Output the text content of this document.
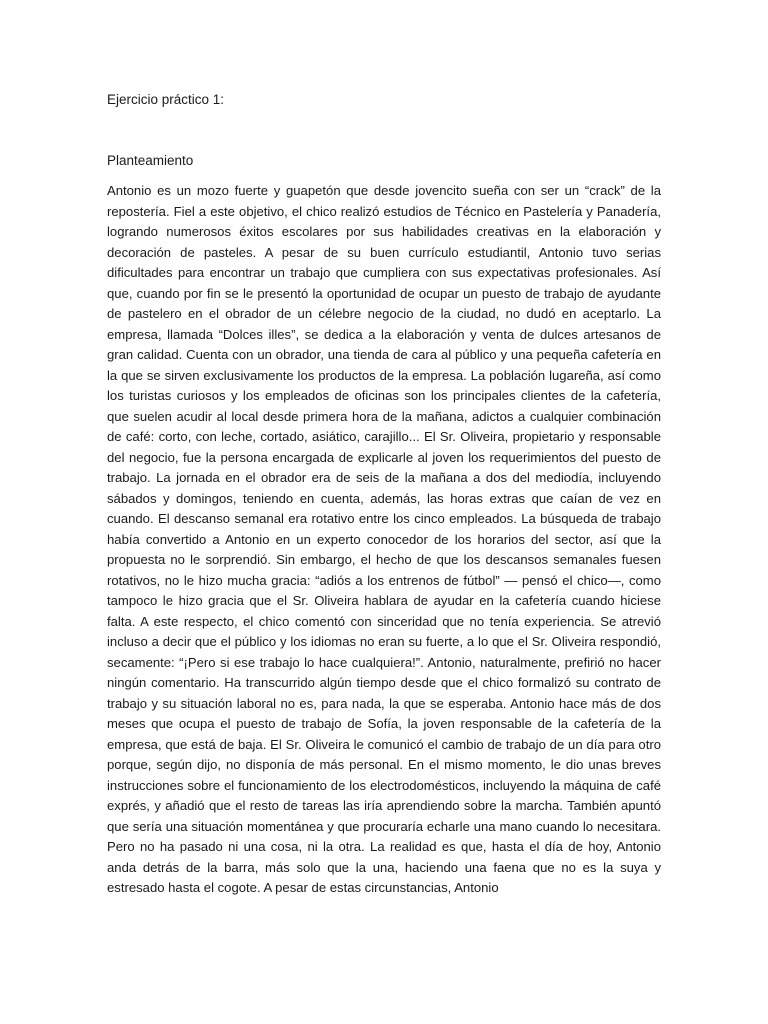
Ejercicio práctico 1:
Planteamiento

Antonio es un mozo fuerte y guapetón que desde jovencito sueña con ser un “crack” de la repostería. Fiel a este objetivo, el chico realizó estudios de Técnico en Pastelería y Panadería, logrando numerosos éxitos escolares por sus habilidades creativas en la elaboración y decoración de pasteles. A pesar de su buen currículo estudiantil, Antonio tuvo serias dificultades para encontrar un trabajo que cumpliera con sus expectativas profesionales. Así que, cuando por fin se le presentó la oportunidad de ocupar un puesto de trabajo de ayudante de pastelero en el obrador de un célebre negocio de la ciudad, no dudó en aceptarlo. La empresa, llamada “Dolces illes”, se dedica a la elaboración y venta de dulces artesanos de gran calidad. Cuenta con un obrador, una tienda de cara al público y una pequeña cafetería en la que se sirven exclusivamente los productos de la empresa. La población lugareña, así como los turistas curiosos y los empleados de oficinas son los principales clientes de la cafetería, que suelen acudir al local desde primera hora de la mañana, adictos a cualquier combinación de café: corto, con leche, cortado, asiático, carajillo... El Sr. Oliveira, propietario y responsable del negocio, fue la persona encargada de explicarle al joven los requerimientos del puesto de trabajo. La jornada en el obrador era de seis de la mañana a dos del mediodía, incluyendo sábados y domingos, teniendo en cuenta, además, las horas extras que caían de vez en cuando. El descanso semanal era rotativo entre los cinco empleados. La búsqueda de trabajo había convertido a Antonio en un experto conocedor de los horarios del sector, así que la propuesta no le sorprendió. Sin embargo, el hecho de que los descansos semanales fuesen rotativos, no le hizo mucha gracia: “adiós a los entrenos de fútbol” — pensó el chico—, como tampoco le hizo gracia que el Sr. Oliveira hablara de ayudar en la cafetería cuando hiciese falta. A este respecto, el chico comentó con sinceridad que no tenía experiencia. Se atrevió incluso a decir que el público y los idiomas no eran su fuerte, a lo que el Sr. Oliveira respondió, secamente: “¡Pero si ese trabajo lo hace cualquiera!”. Antonio, naturalmente, prefirió no hacer ningún comentario. Ha transcurrido algún tiempo desde que el chico formalizó su contrato de trabajo y su situación laboral no es, para nada, la que se esperaba. Antonio hace más de dos meses que ocupa el puesto de trabajo de Sofía, la joven responsable de la cafetería de la empresa, que está de baja. El Sr. Oliveira le comunicó el cambio de trabajo de un día para otro porque, según dijo, no disponía de más personal. En el mismo momento, le dio unas breves instrucciones sobre el funcionamiento de los electrodomésticos, incluyendo la máquina de café exprés, y añadió que el resto de tareas las iría aprendiendo sobre la marcha. También apuntó que sería una situación momentánea y que procuraría echarle una mano cuando lo necesitara. Pero no ha pasado ni una cosa, ni la otra. La realidad es que, hasta el día de hoy, Antonio anda detrás de la barra, más solo que la una, haciendo una faena que no es la suya y estresado hasta el cogote. A pesar de estas circunstancias, Antonio
